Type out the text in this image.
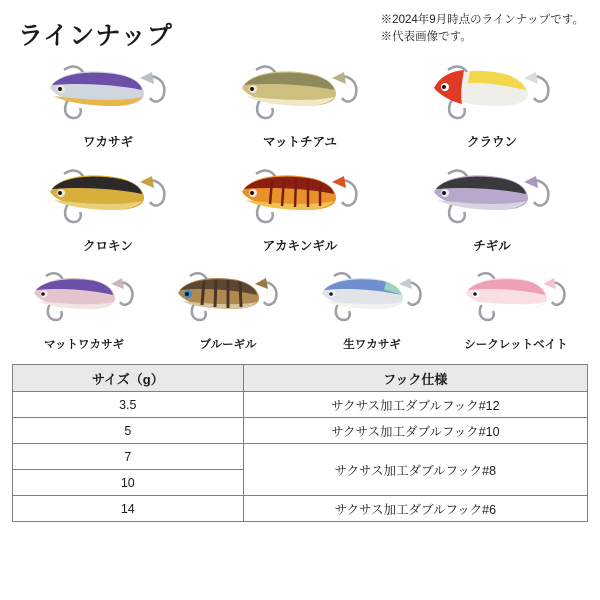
ラインナップ
※2024年9月時点のラインナップです。
※代表画像です。
ワカサギ	マットチアユ	クラウン
クロキン	アカキンギル	チギル
マットワカサギ	ブルーギル	生ワカサギ	シークレットベイト
サイズ（g）	フック仕様
3.5	サクサス加工ダブルフック#12
5	サクサス加工ダブルフック#10
7	サクサス加工ダブルフック#8
10	
14	サクサス加工ダブルフック#6
